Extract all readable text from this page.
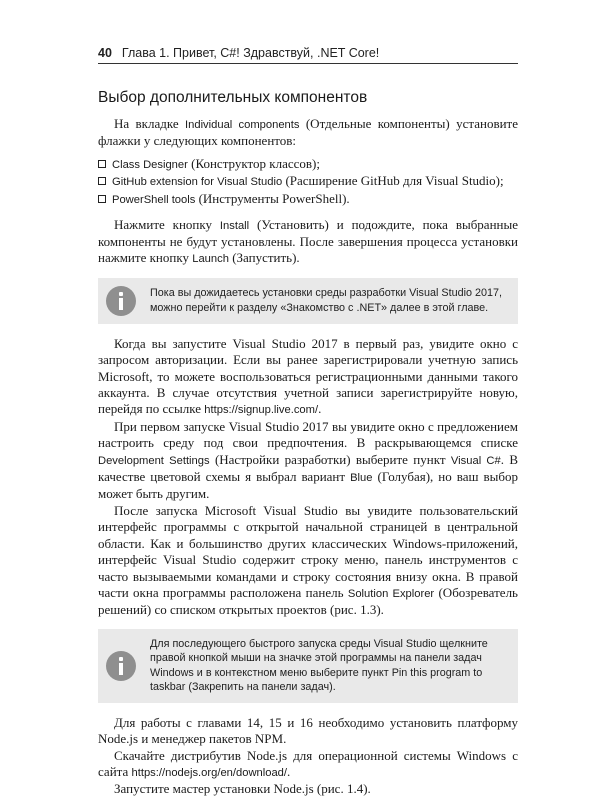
40 Глава 1. Привет, C#! Здравствуй, .NET Core!
Выбор дополнительных компонентов

На вкладке Individual components (Отдельные компоненты) установите флажки у следующих компонентов:

Class Designer (Конструктор классов);
GitHub extension for Visual Studio (Расширение GitHub для Visual Studio);
PowerShell tools (Инструменты PowerShell).

Нажмите кнопку Install (Установить) и подождите, пока выбранные компоненты не будут установлены. После завершения процесса установки нажмите кнопку Launch (Запустить).

Пока вы дожидаетесь установки среды разработки Visual Studio 2017, можно перейти к разделу «Знакомство с .NET» далее в этой главе.

Когда вы запустите Visual Studio 2017 в первый раз, увидите окно с запросом авторизации. Если вы ранее зарегистрировали учетную запись Microsoft, то можете воспользоваться регистрационными данными такого аккаунта. В случае отсутствия учетной записи зарегистрируйте новую, перейдя по ссылке https://signup.live.com/.

При первом запуске Visual Studio 2017 вы увидите окно с предложением настроить среду под свои предпочтения. В раскрывающемся списке Development Settings (Настройки разработки) выберите пункт Visual C#. В качестве цветовой схемы я выбрал вариант Blue (Голубая), но ваш выбор может быть другим.

После запуска Microsoft Visual Studio вы увидите пользовательский интерфейс программы с открытой начальной страницей в центральной области. Как и большинство других классических Windows-приложений, интерфейс Visual Studio содержит строку меню, панель инструментов с часто вызываемыми командами и строку состояния внизу окна. В правой части окна программы расположена панель Solution Explorer (Обозреватель решений) со списком открытых проектов (рис. 1.3).

Для последующего быстрого запуска среды Visual Studio щелкните правой кнопкой мыши на значке этой программы на панели задач Windows и в контекстном меню выберите пункт Pin this program to taskbar (Закрепить на панели задач).

Для работы с главами 14, 15 и 16 необходимо установить платформу Node.js и менеджер пакетов NPM.

Скачайте дистрибутив Node.js для операционной системы Windows с сайта https://nodejs.org/en/download/.

Запустите мастер установки Node.js (рис. 1.4).
